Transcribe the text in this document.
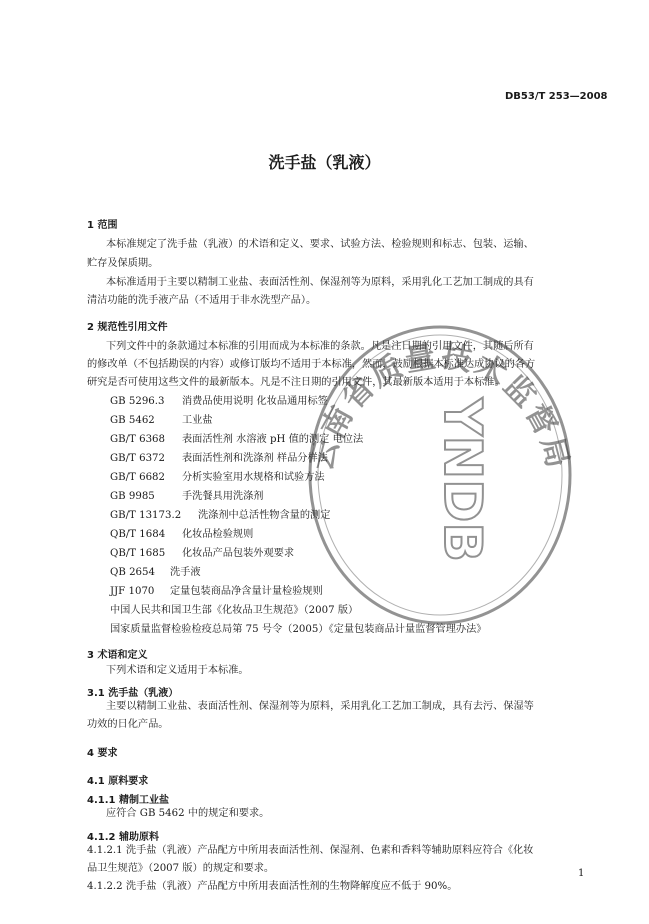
DB53/T 253—2008
洗手盐（乳液）
1 范围
本标准规定了洗手盐（乳液）的术语和定义、要求、试验方法、检验规则和标志、包装、运输、
贮存及保质期。
本标准适用于主要以精制工业盐、表面活性剂、保湿剂等为原料，采用乳化工艺加工制成的具有
清洁功能的洗手液产品（不适用于非水洗型产品）。
2 规范性引用文件
下列文件中的条款通过本标准的引用而成为本标准的条款。凡是注日期的引用文件，其随后所有
的修改单（不包括勘误的内容）或修订版均不适用于本标准，然而，鼓励根据本标准达成协议的各方
研究是否可使用这些文件的最新版本。凡是不注日期的引用文件，其最新版本适用于本标准。
GB 5296.3 消费品使用说明 化妆品通用标签
GB 5462	工业盐
GB/T 6368 表面活性剂 水溶液 pH 值的测定 电位法
GB/T 6372 表面活性剂和洗涤剂 样品分样法
GB/T 6682 分析实验室用水规格和试验方法
GB 9985	手洗餐具用洗涤剂
GB/T 13173.2 洗涤剂中总活性物含量的测定
QB/T 1684 化妆品检验规则
QB/T 1685 化妆品产品包装外观要求
QB 2654 洗手液
JJF 1070 定量包装商品净含量计量检验规则
中国人民共和国卫生部《化妆品卫生规范》（2007 版）
国家质量监督检验检疫总局第 75 号令（2005）《定量包装商品计量监督管理办法》
3 术语和定义
下列术语和定义适用于本标准。
3.1 洗手盐（乳液）
主要以精制工业盐、表面活性剂、保湿剂等为原料，采用乳化工艺加工制成，具有去污、保湿等
功效的日化产品。
4 要求
4.1 原料要求
4.1.1 精制工业盐
应符合 GB 5462 中的规定和要求。
4.1.2 辅助原料
4.1.2.1 洗手盐（乳液）产品配方中所用表面活性剂、保湿剂、色素和香料等辅助原料应符合《化妆
品卫生规范》（2007 版）的规定和要求。
4.1.2.2 洗手盐（乳液）产品配方中所用表面活性剂的生物降解度应不低于 90%。
1
云南省质量技术监督局
YNDB
